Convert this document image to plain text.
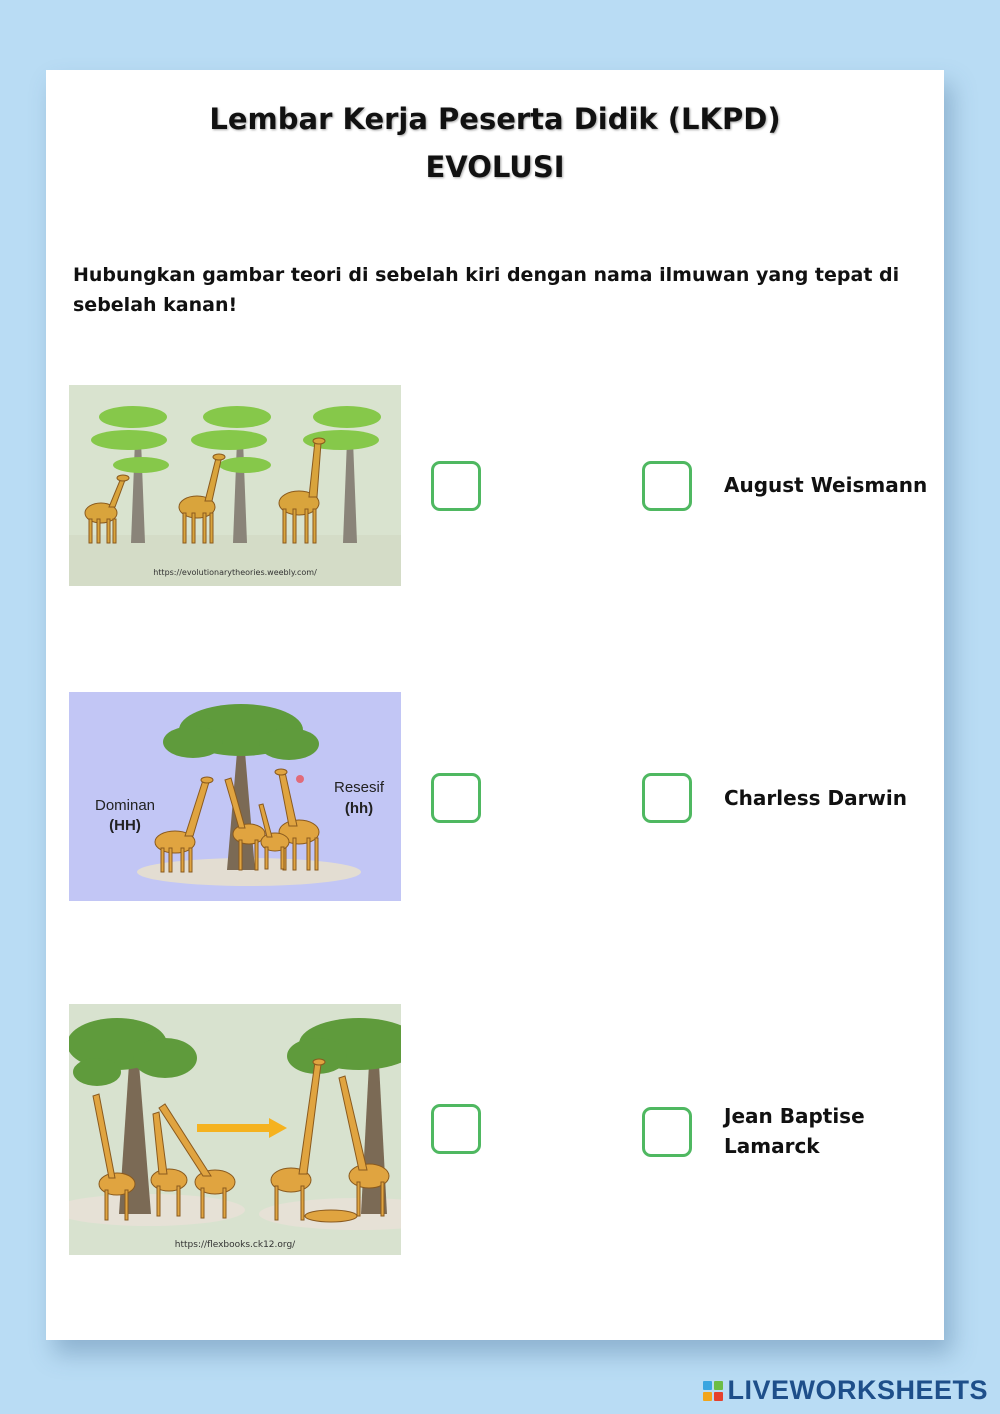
Lembar Kerja Peserta Didik (LKPD)
EVOLUSI

Hubungkan gambar teori di sebelah kiri dengan nama ilmuwan yang tepat di sebelah kanan!

https://evolutionarytheories.weebly.com/
Dominan
(HH)
Resesif
(hh)
https://flexbooks.ck12.org/
August Weismann
Charless Darwin
Jean Baptise
Lamarck
LIVEWORKSHEETS
